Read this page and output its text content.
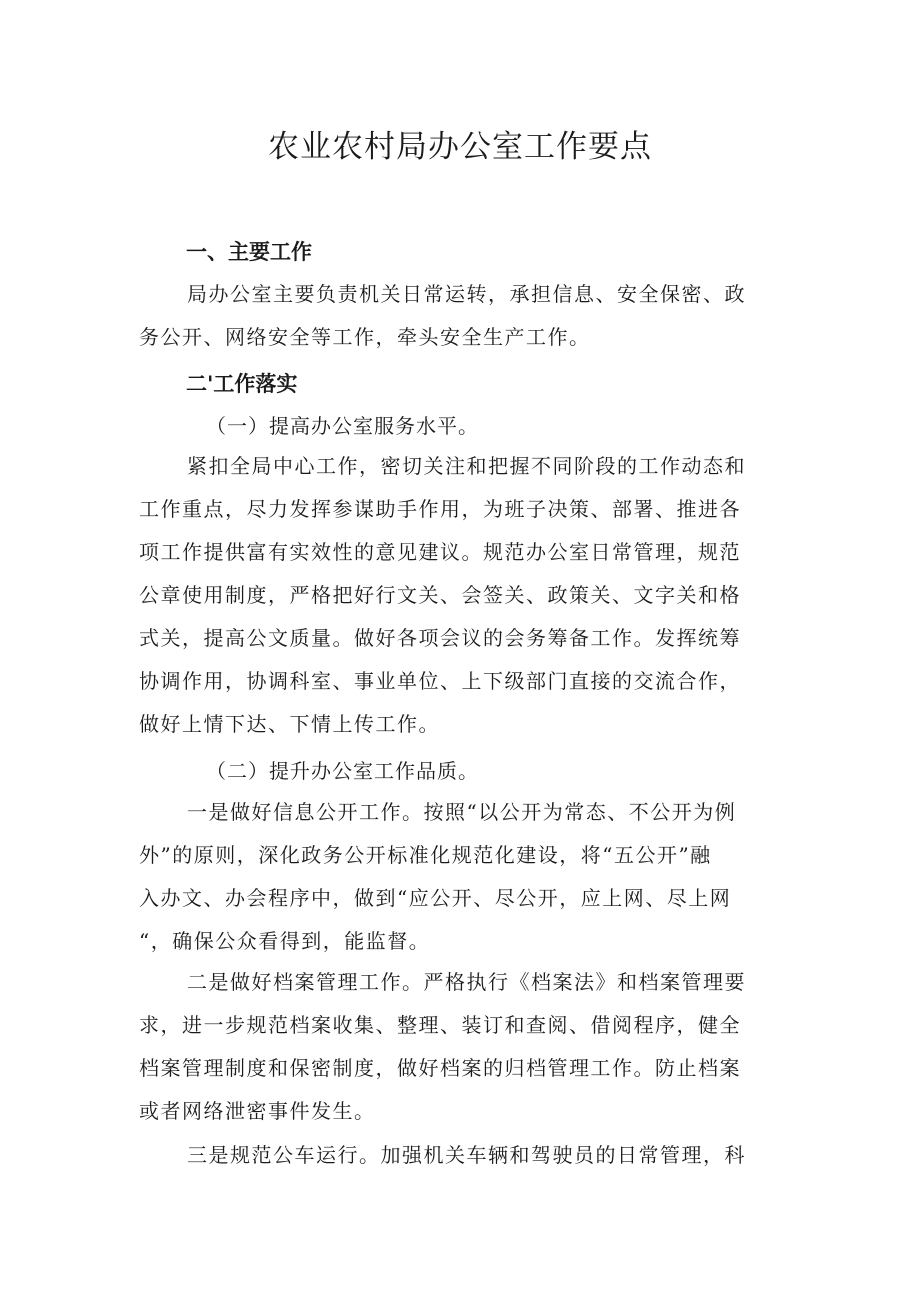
农业农村局办公室工作要点
一、主要工作
局办公室主要负责机关日常运转，承担信息、安全保密、政
务公开、网络安全等工作，牵头安全生产工作。
二'工作落实

（一）提高办公室服务水平。

紧扣全局中心工作，密切关注和把握不同阶段的工作动态和
工作重点，尽力发挥参谋助手作用，为班子决策、部署、推进各
项工作提供富有实效性的意见建议。规范办公室日常管理，规范
公章使用制度，严格把好行文关、会签关、政策关、文字关和格
式关，提高公文质量。做好各项会议的会务筹备工作。发挥统筹
协调作用，协调科室、事业单位、上下级部门直接的交流合作，
做好上情下达、下情上传工作。

（二）提升办公室工作品质。

一是做好信息公开工作。按照“以公开为常态、不公开为例
外”的原则，深化政务公开标准化规范化建设，将“五公开”融
入办文、办会程序中，做到“应公开、尽公开，应上网、尽上网
“，确保公众看得到，能监督。
二是做好档案管理工作。严格执行《档案法》和档案管理要
求，进一步规范档案收集、整理、装订和查阅、借阅程序，健全
档案管理制度和保密制度，做好档案的归档管理工作。防止档案
或者网络泄密事件发生。
三是规范公车运行。加强机关车辆和驾驶员的日常管理，科
